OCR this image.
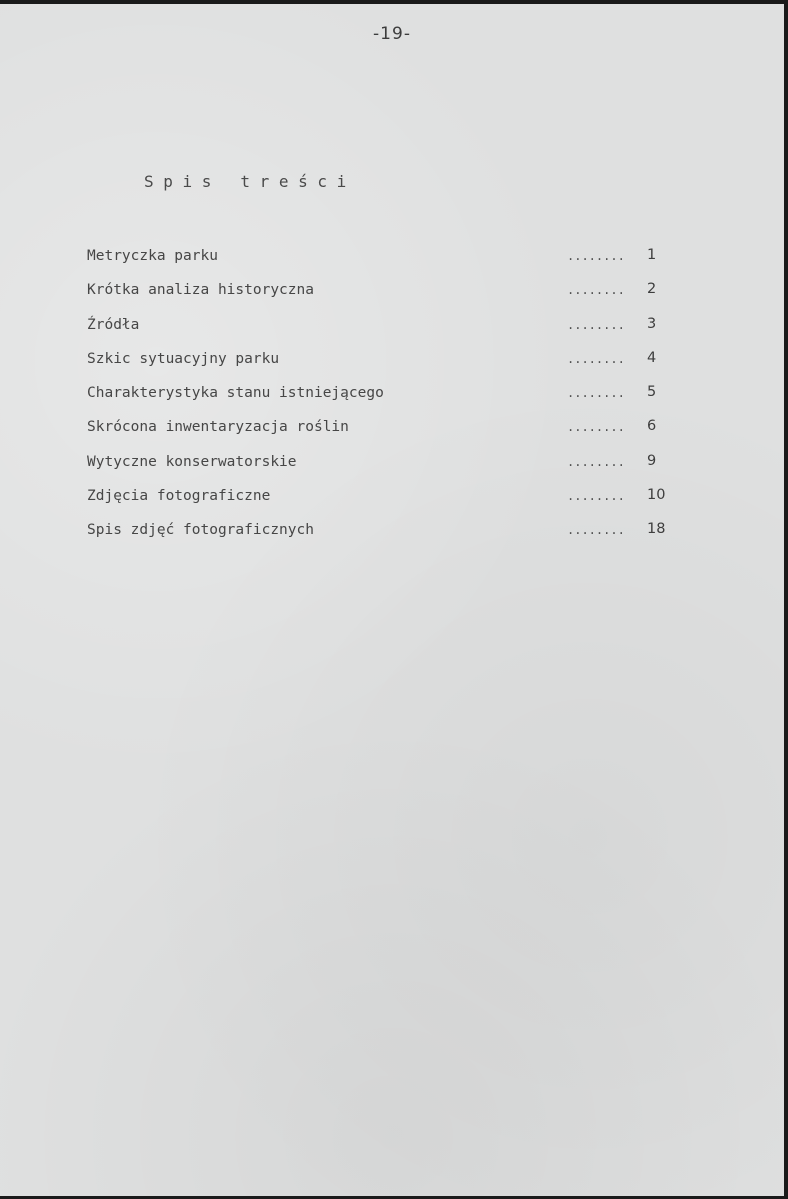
-19-
S p i s   t r e ś c i
Metryczka parku	........ 1
Krótka analiza historyczna	........ 2
Źródła	........ 3
Szkic sytuacyjny parku	........ 4
Charakterystyka stanu istniejącego	........ 5
Skrócona inwentaryzacja roślin	........ 6
Wytyczne konserwatorskie	........ 9
Zdjęcia fotograficzne	........ 10
Spis zdjęć fotograficznych	........ 18
